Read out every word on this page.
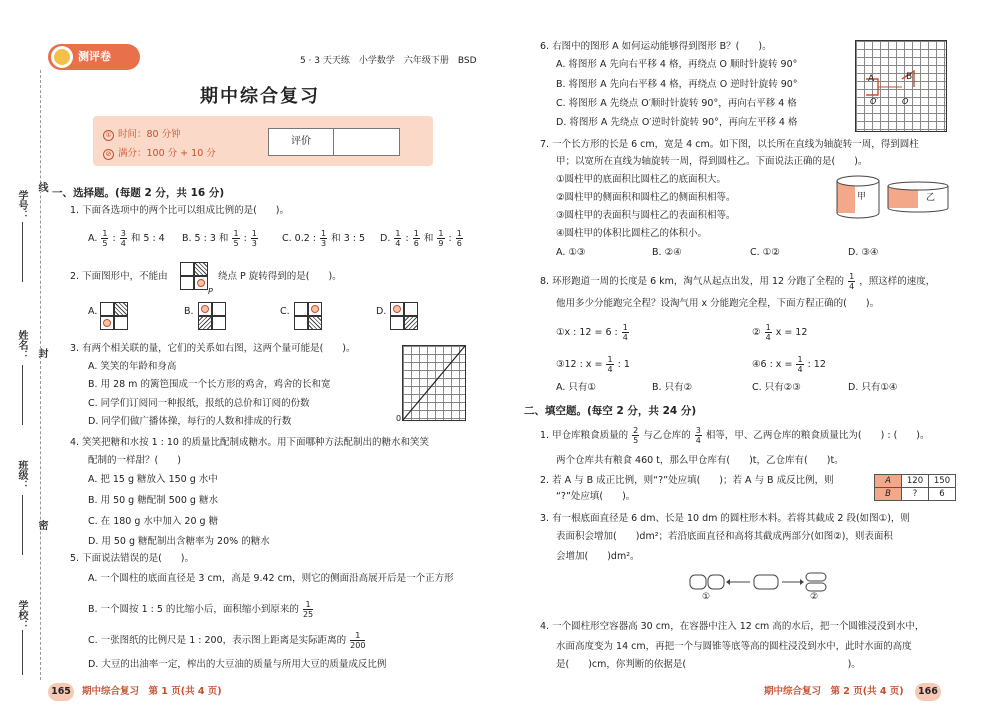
学号：
姓名：
班级：
学校：
线
封
密
测评卷	5 · 3 天天练　小学数学　六年级下册　BSD
期中综合复习
① 时间：80 分钟
⊘ 满分：100 分 + 10 分
评价
一、选择题。(每题 2 分，共 16 分)
1. 下面各选项中的两个比可以组成比例的是(　　)。
A. $\frac{1}{5}$ : $\frac{3}{4}$ 和 5 : 4 B. 5 : 3 和 $\frac{1}{5}$ : $\frac{1}{3}$	C. 0.2 : $\frac{1}{3}$ 和 3 : 5 D. $\frac{1}{4}$ : $\frac{1}{6}$ 和 $\frac{1}{9}$ : $\frac{1}{6}$
2. 下面图形中，不能由
P
绕点 P 旋转得到的是(　　)。
A.	B.	C.	D.
3. 有两个相关联的量，它们的关系如右图，这两个量可能是(　　)。
A. 笑笑的年龄和身高
B. 用 28 m 的篱笆围成一个长方形的鸡舍，鸡舍的长和宽
C. 同学们订阅同一种报纸，报纸的总价和订阅的份数
D. 同学们做广播体操，每行的人数和排成的行数	0
4. 笑笑把糖和水按 1 : 10 的质量比配制成糖水。用下面哪种方法配制出的糖水和笑笑
配制的一样甜？(　　)
A. 把 15 g 糖放入 150 g 水中
B. 用 50 g 糖配制 500 g 糖水
C. 在 180 g 水中加入 20 g 糖
D. 用 50 g 糖配制出含糖率为 20% 的糖水
5. 下面说法错误的是(　　)。
A. 一个圆柱的底面直径是 3 cm，高是 9.42 cm，则它的侧面沿高展开后是一个正方形
B. 一个圆按 1 : 5 的比缩小后，面积缩小到原来的 $\frac{1}{25}$
C. 一张图纸的比例尺是 1 : 200，表示图上距离是实际距离的 $\frac{1}{200}$
D. 大豆的出油率一定，榨出的大豆油的质量与所用大豆的质量成反比例
165 期中综合复习　第 1 页(共 4 页)
6. 右图中的图形 A 如何运动能够得到图形 B？(　　)。
A. 将图形 A 先向右平移 4 格，再绕点 O 顺时针旋转 90°
B. 将图形 A 先向右平移 4 格，再绕点 O 逆时针旋转 90°
C. 将图形 A 先绕点 O′顺时针旋转 90°，再向右平移 4 格
D. 将图形 A 先绕点 O′逆时针旋转 90°，再向左平移 4 格
A	B
O′	O
7. 一个长方形的长是 6 cm，宽是 4 cm。如下图，以长所在直线为轴旋转一周，得到圆柱
甲；以宽所在直线为轴旋转一周，得到圆柱乙。下面说法正确的是(　　)。
①圆柱甲的底面积比圆柱乙的底面积大。
②圆柱甲的侧面积和圆柱乙的侧面积相等。
③圆柱甲的表面积与圆柱乙的表面积相等。
④圆柱甲的体积比圆柱乙的体积小。
甲	乙
A. ①③	B. ②④	C. ①②	D. ③④
8. 环形跑道一周的长度是 6 km，淘气从起点出发，用 12 分跑了全程的 $\frac{1}{4}$ ，照这样的速度，
他用多少分能跑完全程？设淘气用 x 分能跑完全程，下面方程正确的(　　)。
①x : 12 = 6 : $\frac{1}{4}$	② $\frac{1}{4}$ x = 12
③12 : $x = \frac{1}{4}$ : 1	④6 : $x = \frac{1}{4}$ : 12
A. 只有①	B. 只有②	C. 只有②③	D. 只有①④
二、填空题。(每空 2 分，共 24 分)
1. 甲仓库粮食质量的 $\frac{2}{5}$ 与乙仓库的 $\frac{3}{4}$ 相等，甲、乙两仓库的粮食质量比为(　　) : (　　)。
两个仓库共有粮食 460 t，那么甲仓库有(　　)t，乙仓库有(　　)t。
2. 若 A 与 B 成正比例，则“?”处应填(　　)；若 A 与 B 成反比例，则
“?”处应填(　　)。
A	120	150
B	?	6
3. 有一根底面直径是 6 dm、长是 10 dm 的圆柱形木料。若将其截成 2 段(如图①)，则
表面积会增加(　　)dm²；若沿底面直径和高将其截成两部分(如图②)，则表面积
会增加(　　)dm²。
①	②
4. 一个圆柱形空容器高 30 cm，在容器中注入 12 cm 高的水后，把一个圆锥浸没到水中，
水面高度变为 14 cm，再把一个与圆锥等底等高的圆柱浸没到水中，此时水面的高度
是(　　)cm，你判断的依据是(　　　　　　　　　　　　　　　　　)。
期中综合复习　第 2 页(共 4 页) 166
